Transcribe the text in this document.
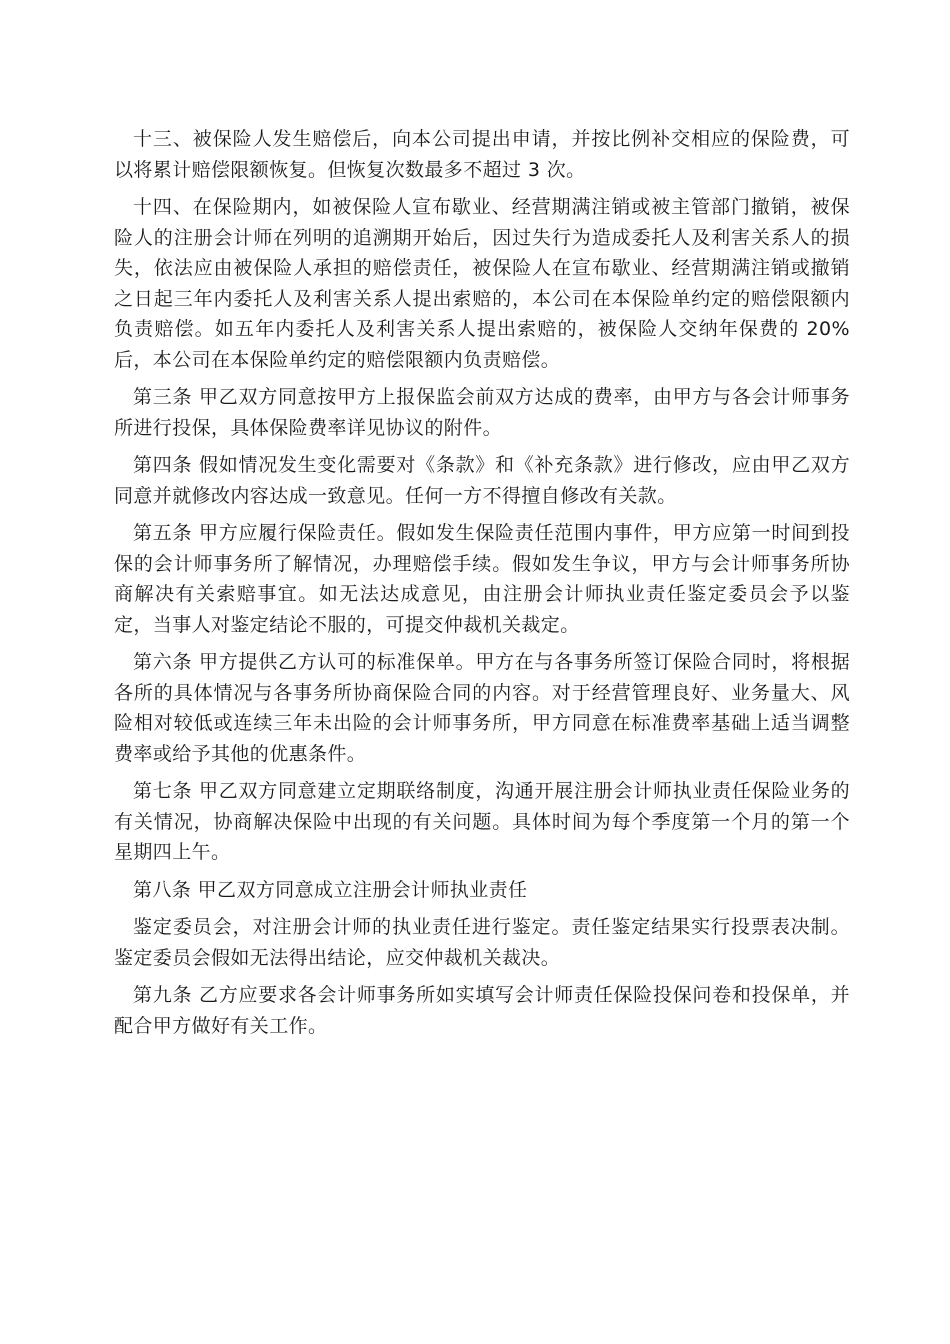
十三、被保险人发生赔偿后，向本公司提出申请，并按比例补交相应的保险费，可以将累计赔偿限额恢复。但恢复次数最多不超过 3 次。

十四、在保险期内，如被保险人宣布歇业、经营期满注销或被主管部门撤销，被保险人的注册会计师在列明的追溯期开始后，因过失行为造成委托人及利害关系人的损失，依法应由被保险人承担的赔偿责任，被保险人在宣布歇业、经营期满注销或撤销之日起三年内委托人及利害关系人提出索赔的，本公司在本保险单约定的赔偿限额内负责赔偿。如五年内委托人及利害关系人提出索赔的，被保险人交纳年保费的 20%后，本公司在本保险单约定的赔偿限额内负责赔偿。

第三条 甲乙双方同意按甲方上报保监会前双方达成的费率，由甲方与各会计师事务所进行投保，具体保险费率详见协议的附件。

第四条 假如情况发生变化需要对《条款》和《补充条款》进行修改，应由甲乙双方同意并就修改内容达成一致意见。任何一方不得擅自修改有关款。

第五条 甲方应履行保险责任。假如发生保险责任范围内事件，甲方应第一时间到投保的会计师事务所了解情况，办理赔偿手续。假如发生争议，甲方与会计师事务所协商解决有关索赔事宜。如无法达成意见，由注册会计师执业责任鉴定委员会予以鉴定，当事人对鉴定结论不服的，可提交仲裁机关裁定。

第六条 甲方提供乙方认可的标准保单。甲方在与各事务所签订保险合同时，将根据各所的具体情况与各事务所协商保险合同的内容。对于经营管理良好、业务量大、风险相对较低或连续三年未出险的会计师事务所，甲方同意在标准费率基础上适当调整费率或给予其他的优惠条件。

第七条 甲乙双方同意建立定期联络制度，沟通开展注册会计师执业责任保险业务的有关情况，协商解决保险中出现的有关问题。具体时间为每个季度第一个月的第一个星期四上午。

第八条 甲乙双方同意成立注册会计师执业责任

鉴定委员会，对注册会计师的执业责任进行鉴定。责任鉴定结果实行投票表决制。鉴定委员会假如无法得出结论，应交仲裁机关裁决。

第九条 乙方应要求各会计师事务所如实填写会计师责任保险投保问卷和投保单，并配合甲方做好有关工作。
